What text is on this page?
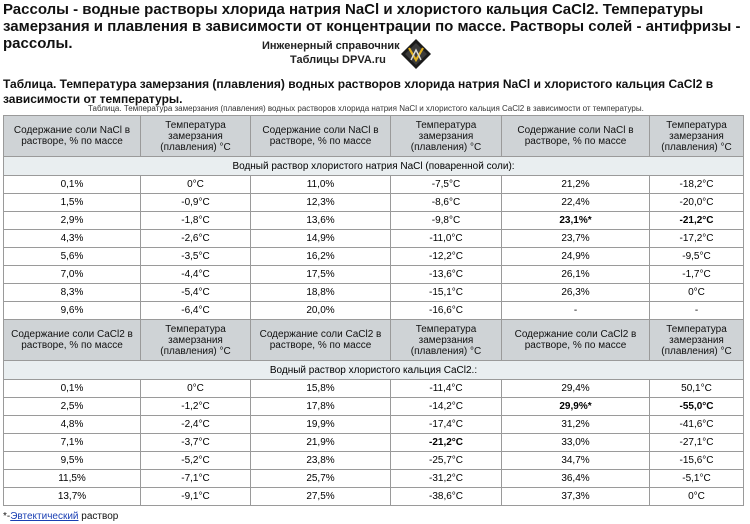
Рассолы - водные растворы хлорида натрия NaCl и хлористого кальция CaCl2. Температуры замерзания и плавления в зависимости от концентрации по массе. Растворы солей - антифризы - рассолы.	Инженерный справочник
Таблицы DPVA.ru
Таблица. Температура замерзания (плавления) водных растворов хлорида натрия NaCl и хлористого кальция CaCl2 в зависимости от температуры.
Таблица. Температура замерзания (плавления) водных растворов хлорида натрия NaCl и хлористого кальция CaCl2 в зависимости от температуры.
Содержание соли NaCl в растворе, % по массе	Температура замерзания (плавления) °С	Содержание соли NaCl в растворе, % по массе	Температура замерзания (плавления) °С	Содержание соли NaCl в растворе, % по массе	Температура замерзания (плавления) °С
Водный раствор хлористого натрия NaCl (поваренной соли):					
0,1%	0°С	11,0%	-7,5°С	21,2%	-18,2°С
1,5%	-0,9°С	12,3%	-8,6°С	22,4%	-20,0°С
2,9%	-1,8°С	13,6%	-9,8°С	23,1%*	-21,2°С
4,3%	-2,6°С	14,9%	-11,0°С	23,7%	-17,2°С
5,6%	-3,5°С	16,2%	-12,2°С	24,9%	-9,5°С
7,0%	-4,4°С	17,5%	-13,6°С	26,1%	-1,7°С
8,3%	-5,4°С	18,8%	-15,1°С	26,3%	0°С
9,6%	-6,4°С	20,0%	-16,6°С	-	-
Содержание соли CaCl2 в растворе, % по массе	Температура замерзания (плавления) °С	Содержание соли CaCl2 в растворе, % по массе	Температура замерзания (плавления) °С	Содержание соли CaCl2 в растворе, % по массе	Температура замерзания (плавления) °С
Водный раствор хлористого кальция CaCl2.:					
0,1%	0°С	15,8%	-11,4°С	29,4%	50,1°С
2,5%	-1,2°С	17,8%	-14,2°С	29,9%*	-55,0°С
4,8%	-2,4°С	19,9%	-17,4°С	31,2%	-41,6°С
7,1%	-3,7°С	21,9%	-21,2°С	33,0%	-27,1°С
9,5%	-5,2°С	23,8%	-25,7°С	34,7%	-15,6°С
11,5%	-7,1°С	25,7%	-31,2°С	36,4%	-5,1°С
13,7%	-9,1°С	27,5%	-38,6°С	37,3%	0°С
*-Эвтектический раствор
